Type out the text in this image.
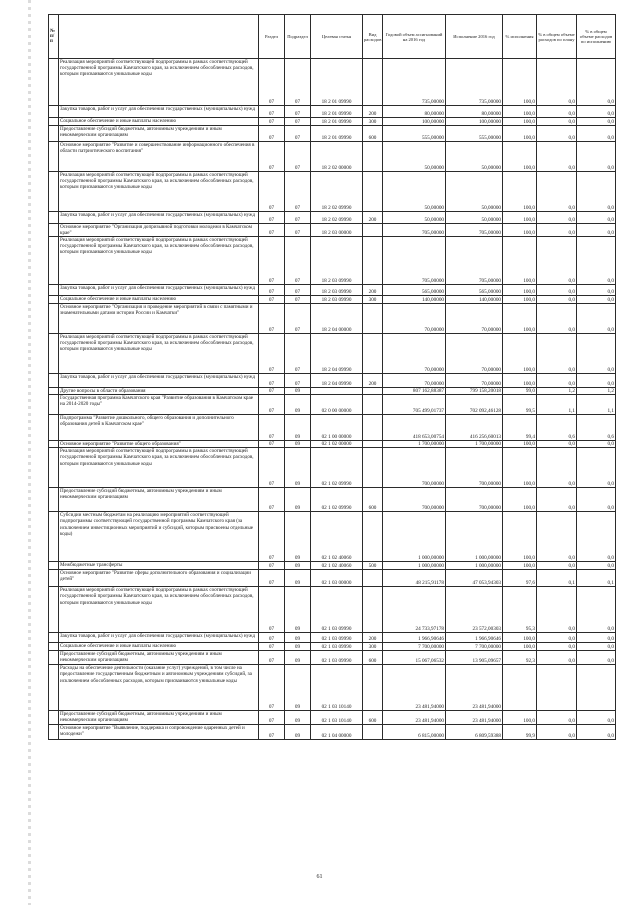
№ п/п		Раздел	Подраздел	Целевая статья	Вид расходов	Годовой объем ассигнований на 2016 год	Исполнение 2016 год	% исполнения	% в общем объеме расходов по плану	% в общем объеме расходов по исполнению
	Реализация мероприятий соответствующей подпрограммы в рамках соответствующей государственной программы Камчатского края, за исключением обособленных расходов, которым присваиваются уникальные коды	07	07	18 2 01 09990		735,00000	735,00000	100,0	0,0	0,0
	Закупка товаров, работ и услуг для обеспечения государственных (муниципальных) нужд	07	07	18 2 01 09990	200	80,00000	80,00000	100,0	0,0	0,0
	Социальное обеспечение и иные выплаты населению	07	07	18 2 01 09990	300	100,00000	100,00000	100,0	0,0	0,0
	Предоставление субсидий бюджетным, автономным учреждениям и иным некоммерческим организациям	07	07	18 2 01 09990	600	555,00000	555,00000	100,0	0,0	0,0
	Основное мероприятие "Развитие и совершенствование информационного обеспечения в области патриотического воспитания"	07	07	18 2 02 00000		50,00000	50,00000	100,0	0,0	0,0
	Реализация мероприятий соответствующей подпрограммы в рамках соответствующей государственной программы Камчатского края, за исключением обособленных расходов, которым присваиваются уникальные коды	07	07	18 2 02 09990		50,00000	50,00000	100,0	0,0	0,0
	Закупка товаров, работ и услуг для обеспечения государственных (муниципальных) нужд	07	07	18 2 02 09990	200	50,00000	50,00000	100,0	0,0	0,0
	Основное мероприятие "Организация допризывной подготовки молодежи в Камчатском крае"	07	07	18 2 03 00000		705,00000	705,00000	100,0	0,0	0,0
	Реализация мероприятий соответствующей подпрограммы в рамках соответствующей государственной программы Камчатского края, за исключением обособленных расходов, которым присваиваются уникальные коды	07	07	18 2 03 09990		705,00000	705,00000	100,0	0,0	0,0
	Закупка товаров, работ и услуг для обеспечения государственных (муниципальных) нужд	07	07	18 2 03 09990	200	565,00000	565,00000	100,0	0,0	0,0
	Социальное обеспечение и иные выплаты населению	07	07	18 2 03 09990	300	140,00000	140,00000	100,0	0,0	0,0
	Основное мероприятие "Организация и проведение мероприятий в связи с памятными и знаменательными датами истории России и Камчатки"	07	07	18 2 04 00000		70,00000	70,00000	100,0	0,0	0,0
	Реализация мероприятий соответствующей подпрограммы в рамках соответствующей государственной программы Камчатского края, за исключением обособленных расходов, которым присваиваются уникальные коды	07	07	18 2 04 09990		70,00000	70,00000	100,0	0,0	0,0
	Закупка товаров, работ и услуг для обеспечения государственных (муниципальных) нужд	07	07	18 2 04 09990	200	70,00000	70,00000	100,0	0,0	0,0
	Другие вопросы в области образования	07	09			807 162,88387	799 158,20018	99,0	1,2	1,2
	Государственная программа Камчатского края "Развитие образования в Камчатском крае на 2014-2020 годы"	07	09	02 0 00 00000		705 499,01737	702 092,46128	99,5	1,1	1,1
	Подпрограмма "Развитие дошкольного, общего образования и дополнительного образования детей в Камчатском крае"	07	09	02 1 00 00000		418 653,00754	416 256,60013	99,4	0,6	0,6
	Основное мероприятие "Развитие общего образования"	07	09	02 1 02 00000		1 700,00000	1 700,00000	100,0	0,0	0,0
	Реализация мероприятий соответствующей подпрограммы в рамках соответствующей государственной программы Камчатского края, за исключением обособленных расходов, которым присваиваются уникальные коды	07	09	02 1 02 09990		700,00000	700,00000	100,0	0,0	0,0
	Предоставление субсидий бюджетным, автономным учреждениям и иным некоммерческим организациям	07	09	02 1 02 09990	600	700,00000	700,00000	100,0	0,0	0,0
	Субсидии местным бюджетам на реализацию мероприятий соответствующей подпрограммы соответствующей государственной программы Камчатского края (за исключением инвестиционных мероприятий и субсидий, которым присвоены отдельные коды)	07	09	02 1 02 40060		1 000,00000	1 000,00000	100,0	0,0	0,0
	Межбюджетные трансферты	07	09	02 1 02 40060	500	1 000,00000	1 000,00000	100,0	0,0	0,0
	Основное мероприятие "Развитие сферы дополнительного образования и социализации детей"	07	09	02 1 03 00000		48 215,91178	47 053,94303	97,6	0,1	0,1
	Реализация мероприятий соответствующей подпрограммы в рамках соответствующей государственной программы Камчатского края, за исключением обособленных расходов, которым присваиваются уникальные коды	07	09	02 1 03 09990		24 733,97178	23 572,00303	95,3	0,0	0,0
	Закупка товаров, работ и услуг для обеспечения государственных (муниципальных) нужд	07	09	02 1 03 09990	200	1 966,90646	1 966,90646	100,0	0,0	0,0
	Социальное обеспечение и иные выплаты населению	07	09	02 1 03 09990	300	7 700,00000	7 700,00000	100,0	0,0	0,0
	Предоставление субсидий бюджетным, автономным учреждениям и иным некоммерческим организациям	07	09	02 1 03 09990	600	15 067,06532	13 905,09657	92,3	0,0	0,0
	Расходы на обеспечение деятельности (оказание услуг) учреждений, в том числе на предоставление государственным бюджетным и автономным учреждениям субсидий, за исключением обособленных расходов, которым присваиваются уникальные коды	07	09	02 1 03 10140		23 481,94000	23 481,94000			
	Предоставление субсидий бюджетным, автономным учреждениям и иным некоммерческим организациям	07	09	02 1 03 10140	600	23 481,94000	23 481,94000	100,0	0,0	0,0
	Основное мероприятие "Выявление, поддержка и сопровождение одаренных детей и молодежи"	07	09	02 1 04 00000		6 815,00000	6 809,59388	99,9	0,0	0,0
61
